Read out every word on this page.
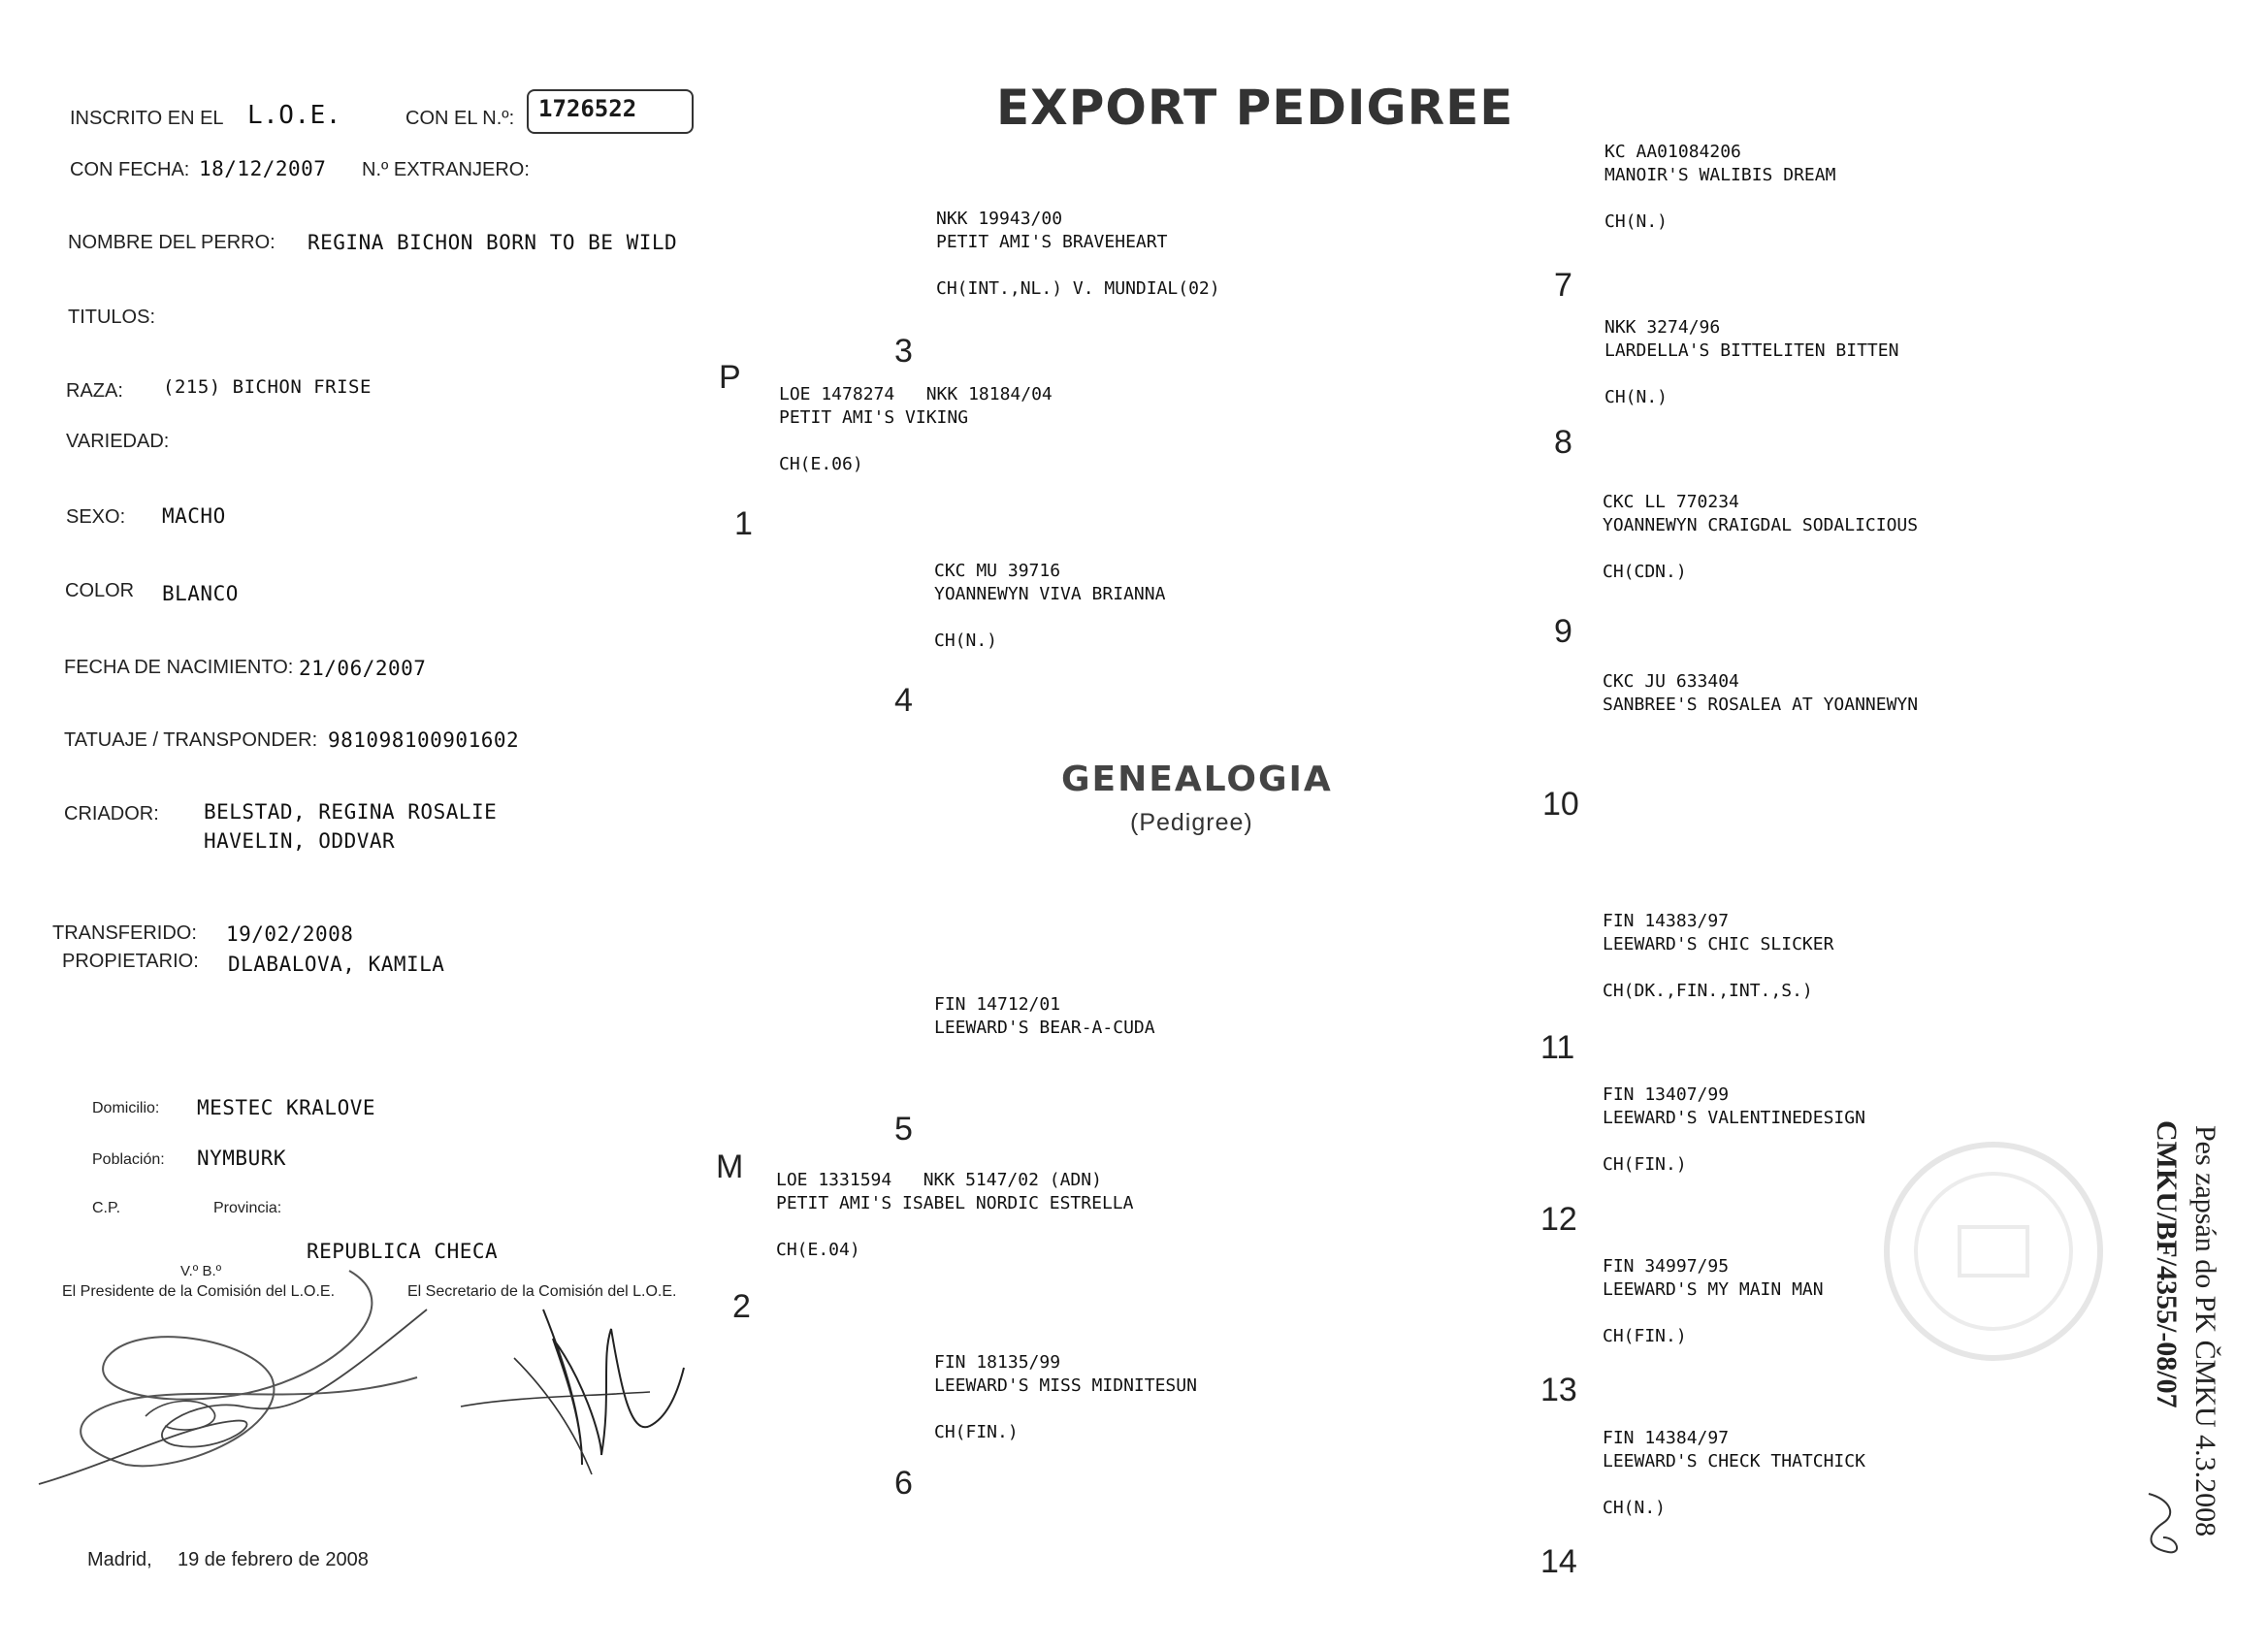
EXPORT PEDIGREE
INSCRITO EN EL L.O.E.	CON EL N.º:	1726522
CON FECHA: 18/12/2007 N.º EXTRANJERO:
NOMBRE DEL PERRO: REGINA BICHON BORN TO BE WILD
TITULOS:
RAZA: (215) BICHON FRISE
VARIEDAD:
SEXO: MACHO
COLOR BLANCO
FECHA DE NACIMIENTO: 21/06/2007
TATUAJE / TRANSPONDER: 981098100901602
CRIADOR: BELSTAD, REGINA ROSALIE
HAVELIN, ODDVAR
TRANSFERIDO: 19/02/2008
PROPIETARIO: DLABALOVA, KAMILA
Domicilio: MESTEC KRALOVE
Población: NYMBURK
C.P.	Provincia:
REPUBLICA CHECA
V.º B.º
El Presidente de la Comisión del L.O.E.	El Secretario de la Comisión del L.O.E.
Madrid, 19 de febrero de 2008
GENEALOGIA
(Pedigree)
P
M
LOE 1478274   NKK 18184/04
PETIT AMI'S VIKING

CH(E.06)
1
LOE 1331594   NKK 5147/02 (ADN)
PETIT AMI'S ISABEL NORDIC ESTRELLA

CH(E.04)
2
NKK 19943/00
PETIT AMI'S BRAVEHEART

CH(INT.,NL.) V. MUNDIAL(02)
3
CKC MU 39716
YOANNEWYN VIVA BRIANNA

CH(N.)
4
FIN 14712/01
LEEWARD'S BEAR-A-CUDA
5
FIN 18135/99
LEEWARD'S MISS MIDNITESUN

CH(FIN.)
6
KC AA01084206
MANOIR'S WALIBIS DREAM

CH(N.)
7
NKK 3274/96
LARDELLA'S BITTELITEN BITTEN

CH(N.)
8
CKC LL 770234
YOANNEWYN CRAIGDAL SODALICIOUS

CH(CDN.)
9
CKC JU 633404
SANBREE'S ROSALEA AT YOANNEWYN
10
FIN 14383/97
LEEWARD'S CHIC SLICKER

CH(DK.,FIN.,INT.,S.)
11
FIN 13407/99
LEEWARD'S VALENTINEDESIGN

CH(FIN.)
12
FIN 34997/95
LEEWARD'S MY MAIN MAN

CH(FIN.)
13
FIN 14384/97
LEEWARD'S CHECK THATCHICK

CH(N.)
14
Pes zapsán do PK ČMKU 4.3.2008
CMKU/BF/4355/-08/07
